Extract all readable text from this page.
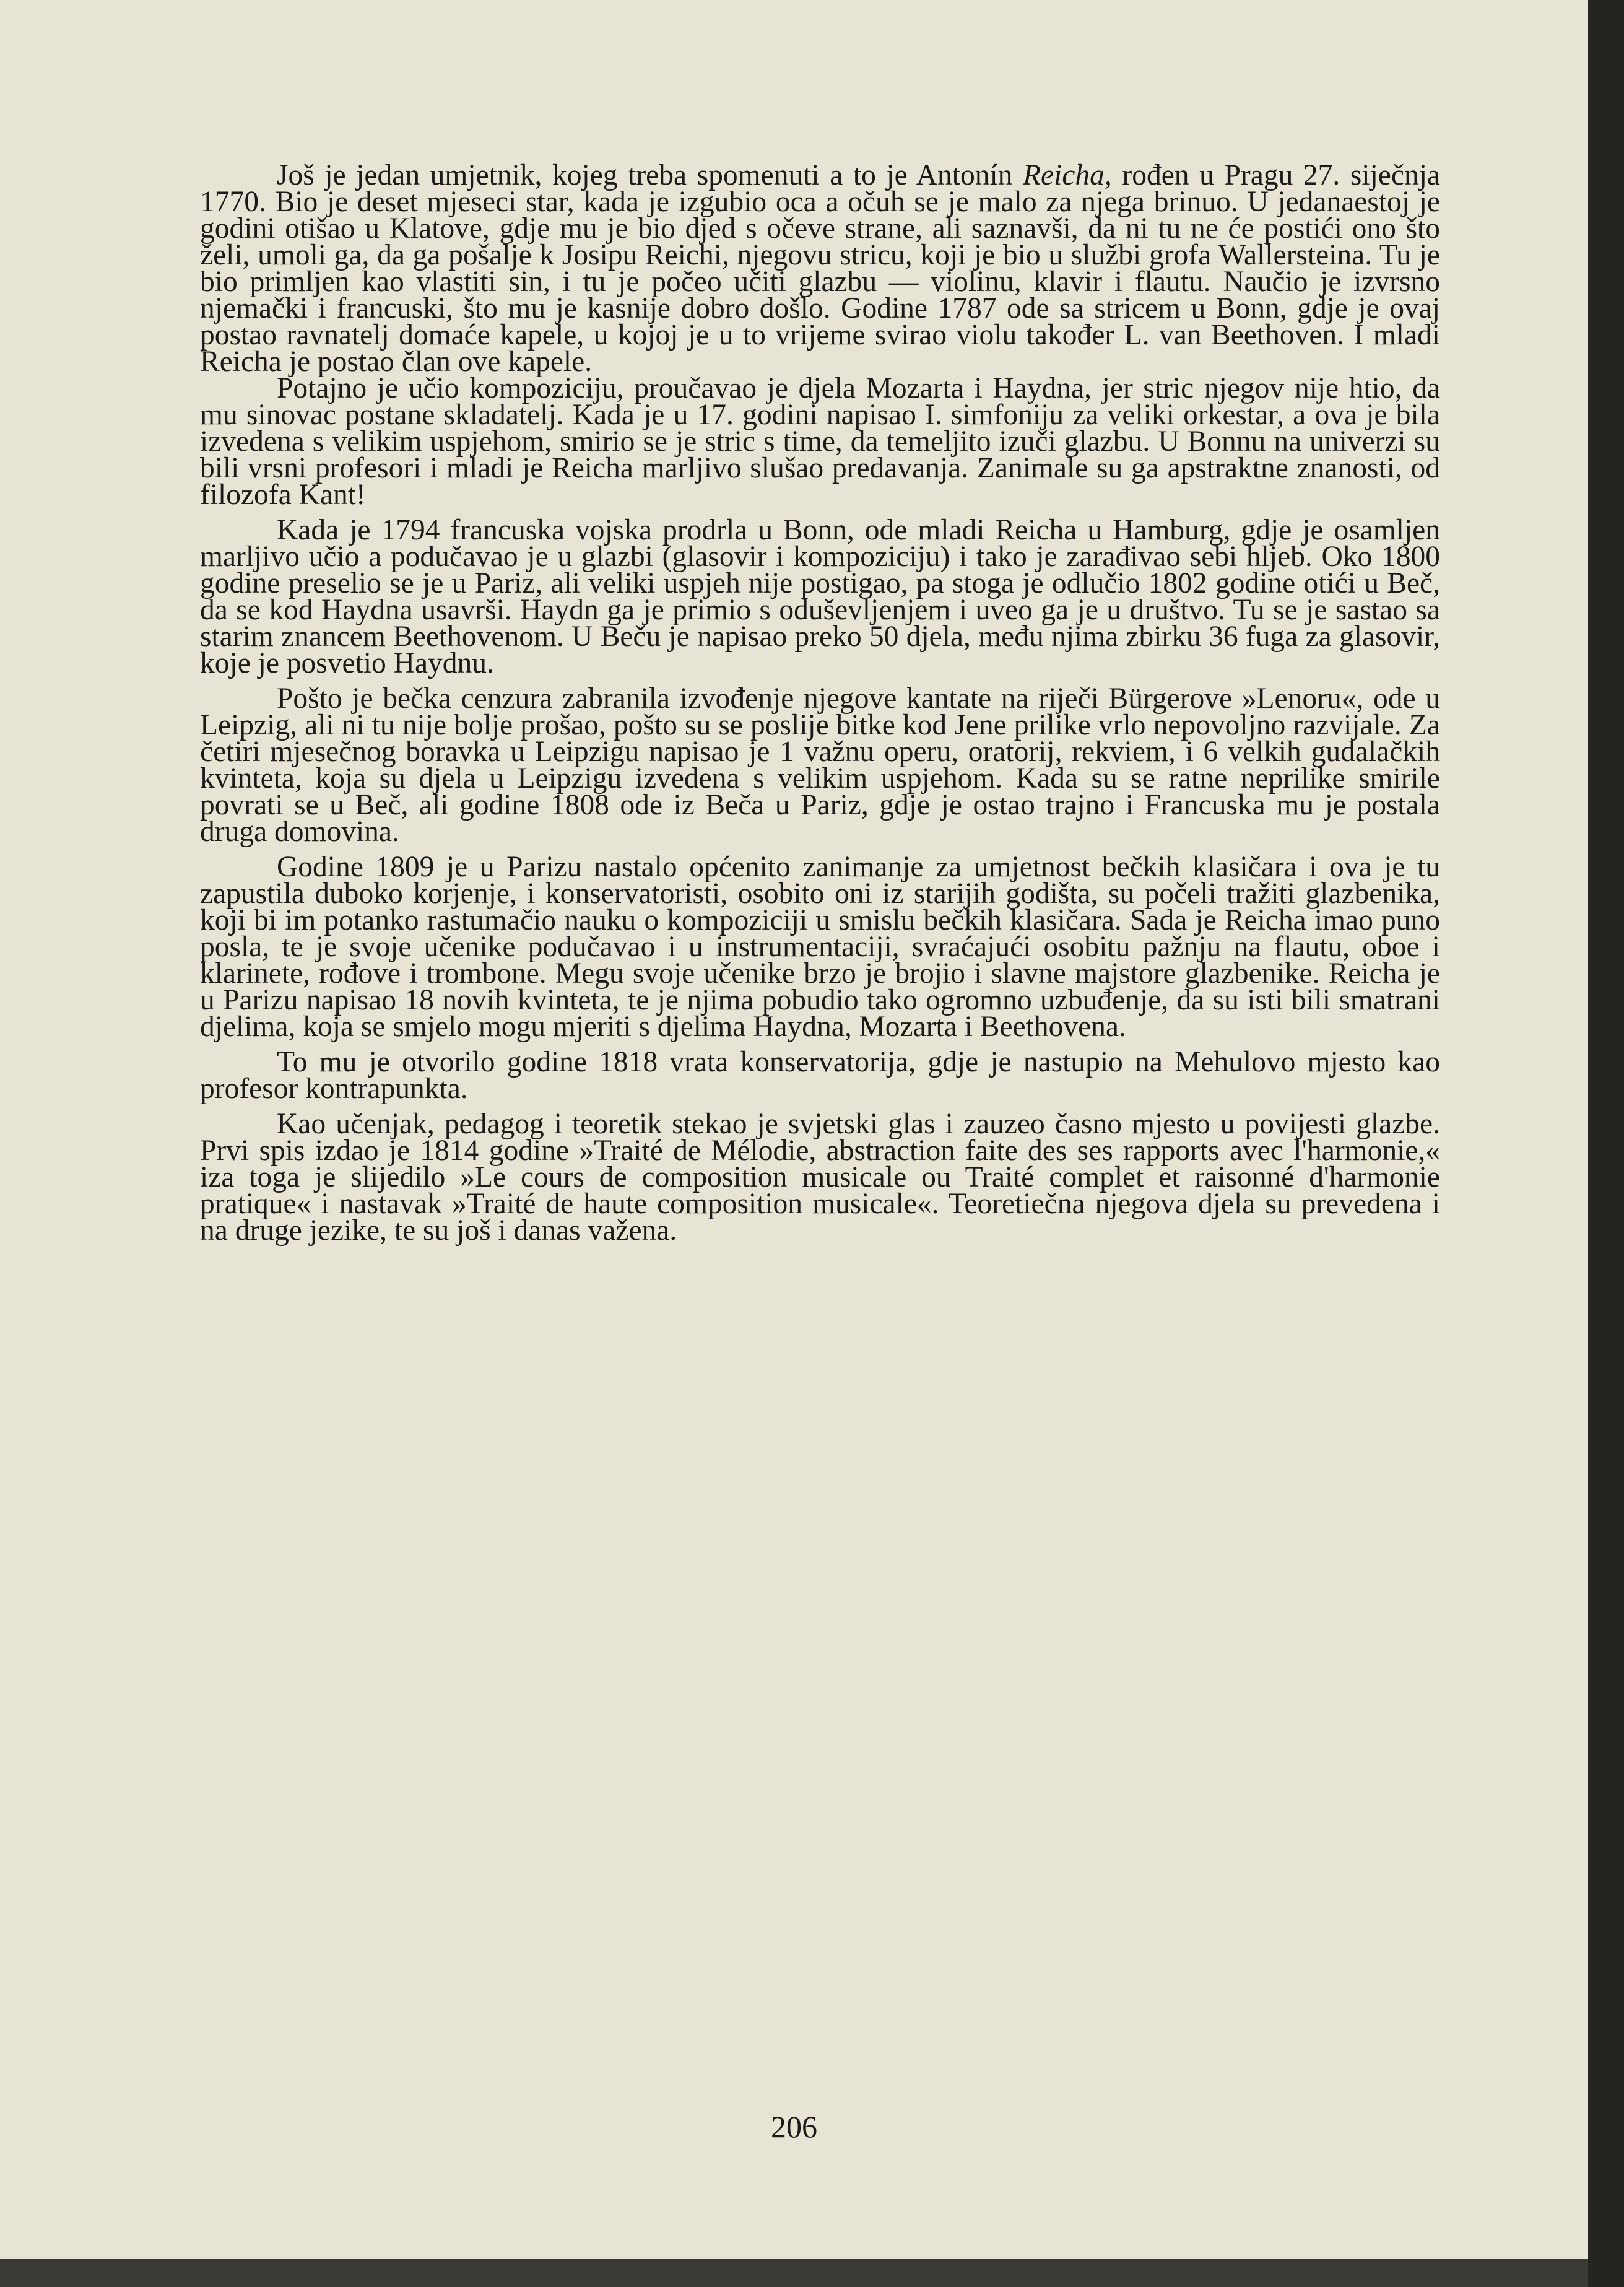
Još je jedan umjetnik, kojeg treba spomenuti a to je Antonín Reicha, rođen u Pragu 27. siječnja 1770. Bio je deset mjeseci star, kada je izgubio oca a očuh se je malo za njega brinuo. U jedanaestoj je godini otišao u Klatove, gdje mu je bio djed s očeve strane, ali saznavši, da ni tu ne će postići ono što želi, umoli ga, da ga pošalje k Josipu Reichi, njegovu stricu, koji je bio u službi grofa Wallersteina. Tu je bio primljen kao vlastiti sin, i tu je počeo učiti glazbu — violinu, klavir i flautu. Naučio je izvrsno njemački i francuski, što mu je kasnije dobro došlo. Godine 1787 ode sa stricem u Bonn, gdje je ovaj postao ravnatelj domaće kapele, u kojoj je u to vrijeme svirao violu također L. van Beethoven. I mladi Reicha je postao član ove kapele.

Potajno je učio kompoziciju, proučavao je djela Mozarta i Haydna, jer stric njegov nije htio, da mu sinovac postane skladatelj. Kada je u 17. godini napisao I. simfoniju za veliki orkestar, a ova je bila izvedena s velikim uspjehom, smirio se je stric s time, da temeljito izuči glazbu. U Bonnu na univerzi su bili vrsni profesori i mladi je Reicha marljivo slušao predavanja. Zanimale su ga apstraktne znanosti, od filozofa Kant!

Kada je 1794 francuska vojska prodrla u Bonn, ode mladi Reicha u Hamburg, gdje je osamljen marljivo učio a podučavao je u glazbi (glasovir i kompoziciju) i tako je zarađivao sebi hljeb. Oko 1800 godine preselio se je u Pariz, ali veliki uspjeh nije postigao, pa stoga je odlučio 1802 godine otići u Beč, da se kod Haydna usavrši. Haydn ga je primio s oduševljenjem i uveo ga je u društvo. Tu se je sastao sa starim znancem Beethovenom. U Beču je napisao preko 50 djela, među njima zbirku 36 fuga za glasovir, koje je posvetio Haydnu.

Pošto je bečka cenzura zabranila izvođenje njegove kantate na riječi Bürgerove »Lenoru«, ode u Leipzig, ali ni tu nije bolje prošao, pošto su se poslije bitke kod Jene prilike vrlo nepovoljno razvijale. Za četiri mjesečnog boravka u Leipzigu napisao je 1 važnu operu, oratorij, rekviem, i 6 velkih gudalačkih kvinteta, koja su djela u Leipzigu izvedena s velikim uspjehom. Kada su se ratne neprilike smirile povrati se u Beč, ali godine 1808 ode iz Beča u Pariz, gdje je ostao trajno i Francuska mu je postala druga domovina.

Godine 1809 je u Parizu nastalo općenito zanimanje za umjetnost bečkih klasičara i ova je tu zapustila duboko korjenje, i konservatoristi, osobito oni iz starijih godišta, su počeli tražiti glazbenika, koji bi im potanko rastumačio nauku o kompoziciji u smislu bečkih klasičara. Sada je Reicha imao puno posla, te je svoje učenike podučavao i u instrumentaciji, svraćajući osobitu pažnju na flautu, oboe i klarinete, rođove i trombone. Megu svoje učenike brzo je brojio i slavne majstore glazbenike. Reicha je u Parizu napisao 18 novih kvinteta, te je njima pobudio tako ogromno uzbuđenje, da su isti bili smatrani djelima, koja se smjelo mogu mjeriti s djelima Haydna, Mozarta i Beethovena.

To mu je otvorilo godine 1818 vrata konservatorija, gdje je nastupio na Mehulovo mjesto kao profesor kontrapunkta.

Kao učenjak, pedagog i teoretik stekao je svjetski glas i zauzeo časno mjesto u povijesti glazbe. Prvi spis izdao je 1814 godine »Traité de Mélodie, abstraction faite des ses rapports avec l'harmonie,« iza toga je slijedilo »Le cours de composition musicale ou Traité complet et raisonné d'harmonie pratique« i nastavak »Traité de haute composition musicale«. Teoretiečna njegova djela su prevedena i na druge jezike, te su još i danas važena.

206
